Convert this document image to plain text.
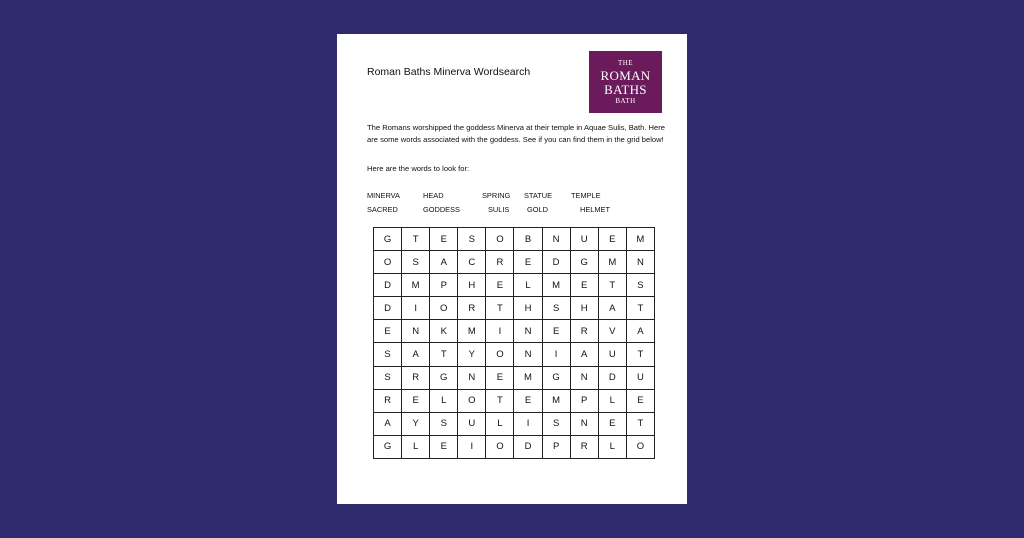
Roman Baths Minerva Wordsearch
THE
ROMAN
BATHS
BATH

The Romans worshipped the goddess Minerva at their temple in Aquae Sulis, Bath. Here are some words associated with the goddess. See if you can find them in the grid below!

Here are the words to look for:

MINERVA	HEAD	SPRING STATUE	TEMPLE
SACRED	GODDESS	SULIS GOLD	HELMET
G	T	E	S	O	B	N	U	E	M
O	S	A	C	R	E	D	G	M	N
D	M	P	H	E	L	M	E	T	S
D	I	O	R	T	H	S	H	A	T
E	N	K	M	I	N	E	R	V	A
S	A	T	Y	O	N	I	A	U	T
S	R	G	N	E	M	G	N	D	U
R	E	L	O	T	E	M	P	L	E
A	Y	S	U	L	I	S	N	E	T
G	L	E	I	O	D	P	R	L	O
